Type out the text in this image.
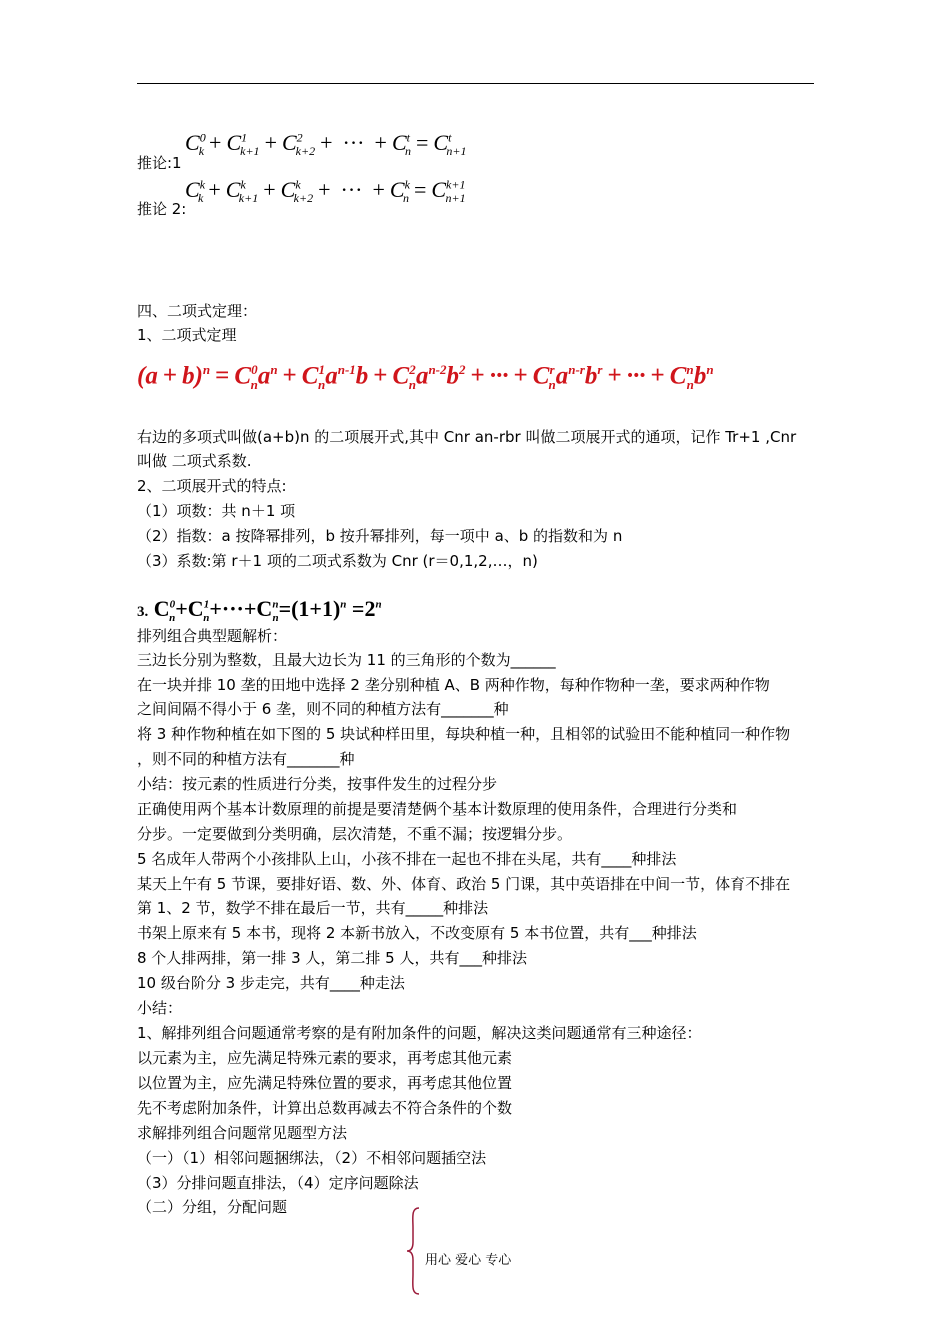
推论:1
$C^0_k + C^1_{k+1} + C^2_{k+2}$ + ··· + $C^t_n = C^t_{n+1}$
推论 2:
$C^k_k + C^k_{k+1} + C^k_{k+2}$ + ··· + $C^k_n = C^{k+1}_{n+1}$
四、二项式定理：
1、二项式定理
$(a + b)^n = C^0_na^n + C^1_na^{n-1}b + C^2_na^{n-2}b^2$ + ··· + $C^r_na^{n-r}b^r$ + ··· + $C^n_nb^n$
右边的多项式叫做(a+b)n 的二项展开式,其中 Cnr an-rbr 叫做二项展开式的通项，记作 Tr+1 ,Cnr
叫做 二项式系数.
2、二项展开式的特点:
（1）项数：共 n＋1 项
（2）指数：a 按降幂排列，b 按升幂排列，每一项中 a、b 的指数和为 n
（3）系数:第 r＋1 项的二项式系数为 Cnr (r＝0,1,2,…，n)
3. $C^0_n+C^1_n+\cdot\cdot\cdot+C^n_n=(1+1)^n =2^n$
排列组合典型题解析：
三边长分别为整数，且最大边长为 11 的三角形的个数为______
在一块并排 10 垄的田地中选择 2 垄分别种植 A、B 两种作物，每种作物种一垄，要求两种作物
之间间隔不得小于 6 垄，则不同的种植方法有_______种
将 3 种作物种植在如下图的 5 块试种样田里，每块种植一种，且相邻的试验田不能种植同一种作物
，则不同的种植方法有_______种
小结：按元素的性质进行分类，按事件发生的过程分步
正确使用两个基本计数原理的前提是要清楚俩个基本计数原理的使用条件，合理进行分类和
分步。一定要做到分类明确，层次清楚，不重不漏；按逻辑分步。
5 名成年人带两个小孩排队上山，小孩不排在一起也不排在头尾，共有____种排法
某天上午有 5 节课，要排好语、数、外、体育、政治 5 门课，其中英语排在中间一节，体育不排在
第 1、2 节，数学不排在最后一节，共有_____种排法
书架上原来有 5 本书，现将 2 本新书放入，不改变原有 5 本书位置，共有___种排法
8 个人排两排，第一排 3 人，第二排 5 人，共有___种排法
10 级台阶分 3 步走完，共有____种走法
小结：
1、解排列组合问题通常考察的是有附加条件的问题，解决这类问题通常有三种途径：
以元素为主，应先满足特殊元素的要求，再考虑其他元素
以位置为主，应先满足特殊位置的要求，再考虑其他位置
先不考虑附加条件，计算出总数再减去不符合条件的个数
求解排列组合问题常见题型方法
（一）（1）相邻问题捆绑法，（2）不相邻问题插空法
（3）分排问题直排法，（4）定序问题除法
（二）分组，分配问题
用心 爱心 专心
